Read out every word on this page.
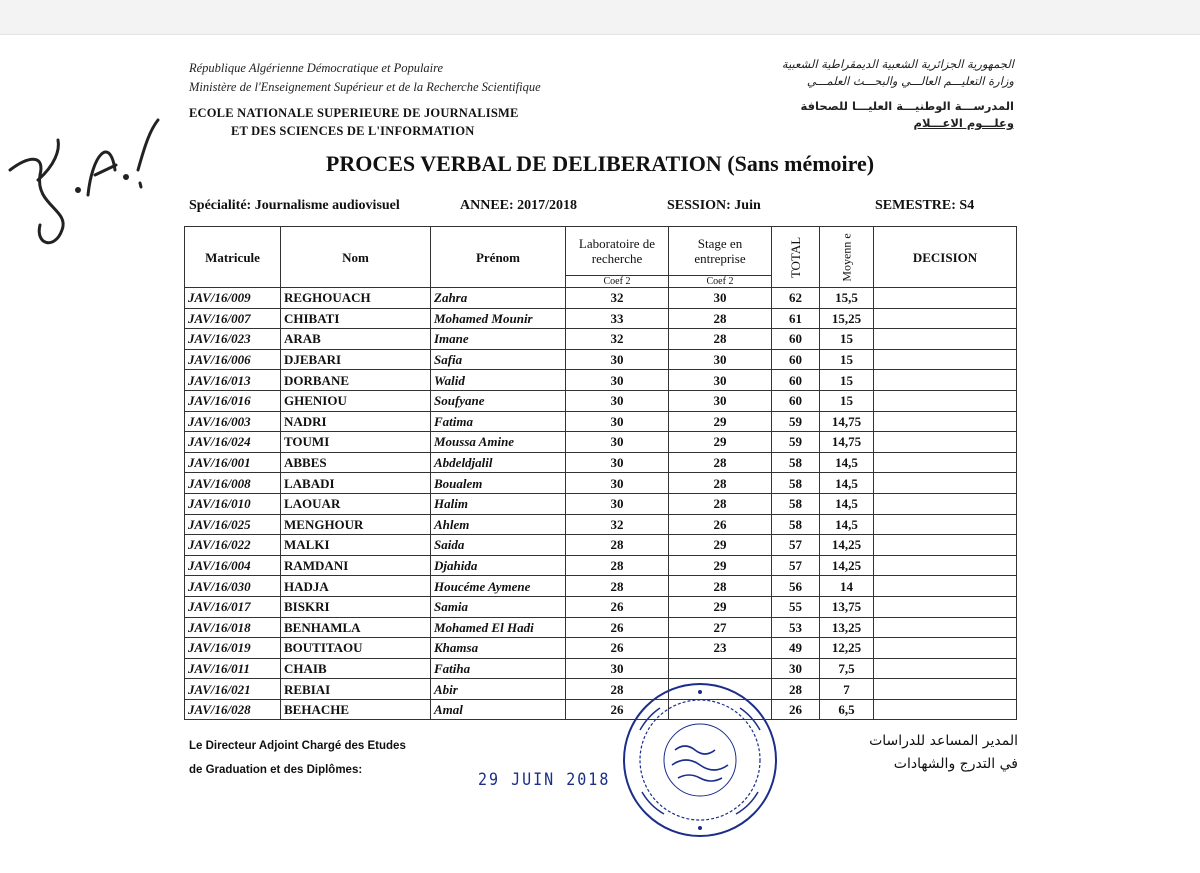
République Algérienne Démocratique et Populaire
Ministère de l'Enseignement Supérieur et de la Recherche Scientifique
ECOLE NATIONALE SUPERIEURE DE JOURNALISME
ET DES SCIENCES DE L'INFORMATION
الجمهورية الجزائرية الشعبية الديمقراطية الشعبية
وزارة التعليـــم العالـــي والبحـــث العلمـــي
المدرســـة الوطنيـــة العليـــا للصحافة
وعلـــوم الاعـــلام
PROCES VERBAL DE DELIBERATION (Sans mémoire)
Spécialité: Journalisme audiovisuel	ANNEE: 2017/2018	SESSION: Juin	SEMESTRE: S4
Matricule	Nom	Prénom	Laboratoire de recherche	Stage en entreprise	TOTAL	Moyenn e	DECISION
			Coef 2	Coef 2			
JAV/16/009	REGHOUACH	Zahra	32	30	62	15,5	
JAV/16/007	CHIBATI	Mohamed Mounir	33	28	61	15,25	
JAV/16/023	ARAB	Imane	32	28	60	15	
JAV/16/006	DJEBARI	Safia	30	30	60	15	
JAV/16/013	DORBANE	Walid	30	30	60	15	
JAV/16/016	GHENIOU	Soufyane	30	30	60	15	
JAV/16/003	NADRI	Fatima	30	29	59	14,75	
JAV/16/024	TOUMI	Moussa Amine	30	29	59	14,75	
JAV/16/001	ABBES	Abdeldjalil	30	28	58	14,5	
JAV/16/008	LABADI	Boualem	30	28	58	14,5	
JAV/16/010	LAOUAR	Halim	30	28	58	14,5	
JAV/16/025	MENGHOUR	Ahlem	32	26	58	14,5	
JAV/16/022	MALKI	Saida	28	29	57	14,25	
JAV/16/004	RAMDANI	Djahida	28	29	57	14,25	
JAV/16/030	HADJA	Houcéme Aymene	28	28	56	14	
JAV/16/017	BISKRI	Samia	26	29	55	13,75	
JAV/16/018	BENHAMLA	Mohamed El Hadi	26	27	53	13,25	
JAV/16/019	BOUTITAOU	Khamsa	26	23	49	12,25	
JAV/16/011	CHAIB	Fatiha	30		30	7,5	
JAV/16/021	REBIAI	Abir	28		28	7	
JAV/16/028	BEHACHE	Amal	26		26	6,5	
Le Directeur Adjoint Chargé des Etudes
de Graduation et des Diplômes:
المدير المساعد للدراسات
في التدرج والشهادات
29 JUIN 2018
